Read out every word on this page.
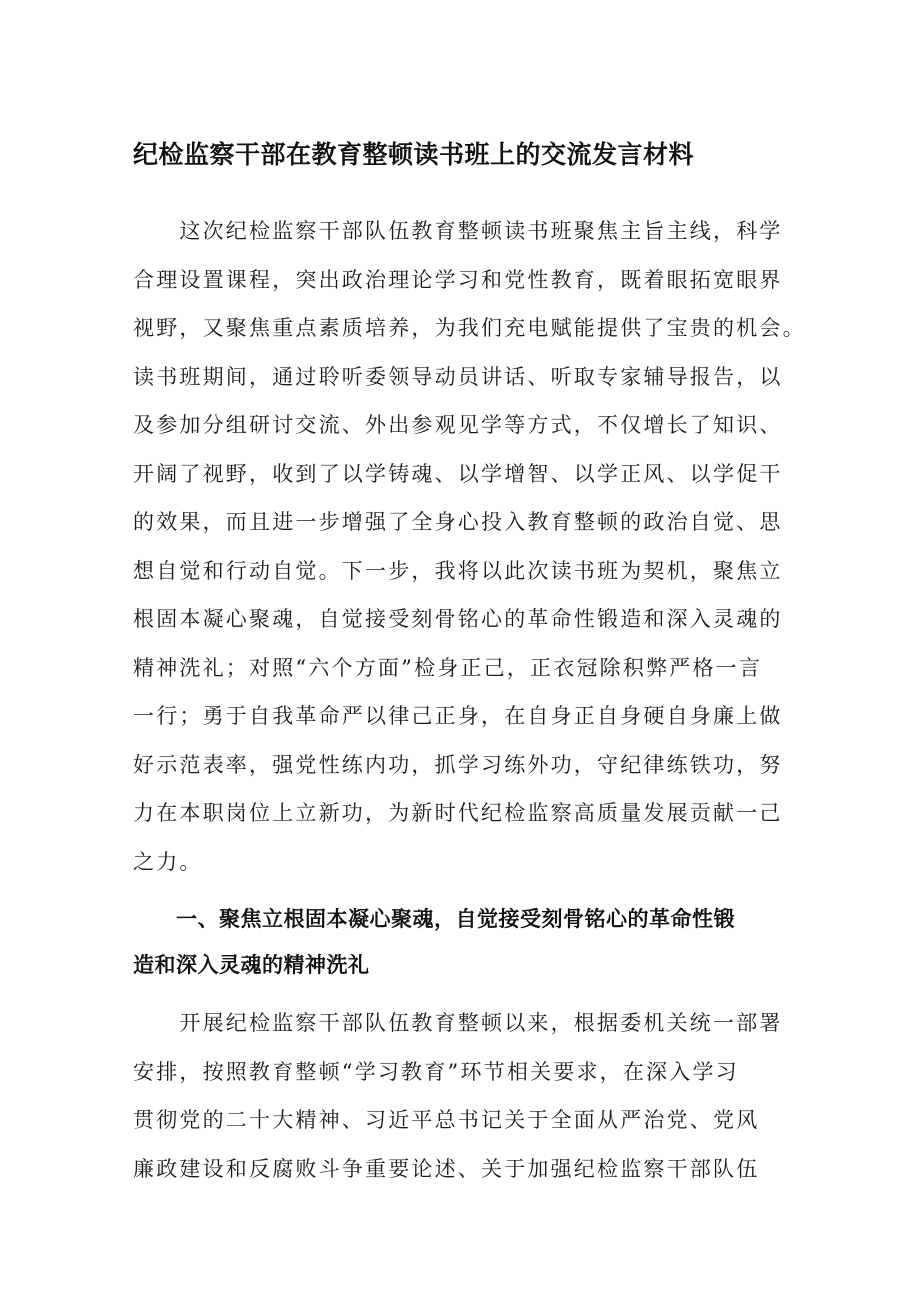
纪检监察干部在教育整顿读书班上的交流发言材料
　　这次纪检监察干部队伍教育整顿读书班聚焦主旨主线，科学
合理设置课程，突出政治理论学习和党性教育，既着眼拓宽眼界
视野，又聚焦重点素质培养，为我们充电赋能提供了宝贵的机会。
读书班期间，通过聆听委领导动员讲话、听取专家辅导报告，以
及参加分组研讨交流、外出参观见学等方式，不仅增长了知识、
开阔了视野，收到了以学铸魂、以学增智、以学正风、以学促干
的效果，而且进一步增强了全身心投入教育整顿的政治自觉、思
想自觉和行动自觉。下一步，我将以此次读书班为契机，聚焦立
根固本凝心聚魂，自觉接受刻骨铭心的革命性锻造和深入灵魂的
精神洗礼；对照“六个方面”检身正己，正衣冠除积弊严格一言
一行；勇于自我革命严以律己正身，在自身正自身硬自身廉上做
好示范表率，强党性练内功，抓学习练外功，守纪律练铁功，努
力在本职岗位上立新功，为新时代纪检监察高质量发展贡献一己
之力。
　　一、聚焦立根固本凝心聚魂，自觉接受刻骨铭心的革命性锻
造和深入灵魂的精神洗礼
　　开展纪检监察干部队伍教育整顿以来，根据委机关统一部署
安排，按照教育整顿“学习教育”环节相关要求，在深入学习
贯彻党的二十大精神、习近平总书记关于全面从严治党、党风
廉政建设和反腐败斗争重要论述、关于加强纪检监察干部队伍
